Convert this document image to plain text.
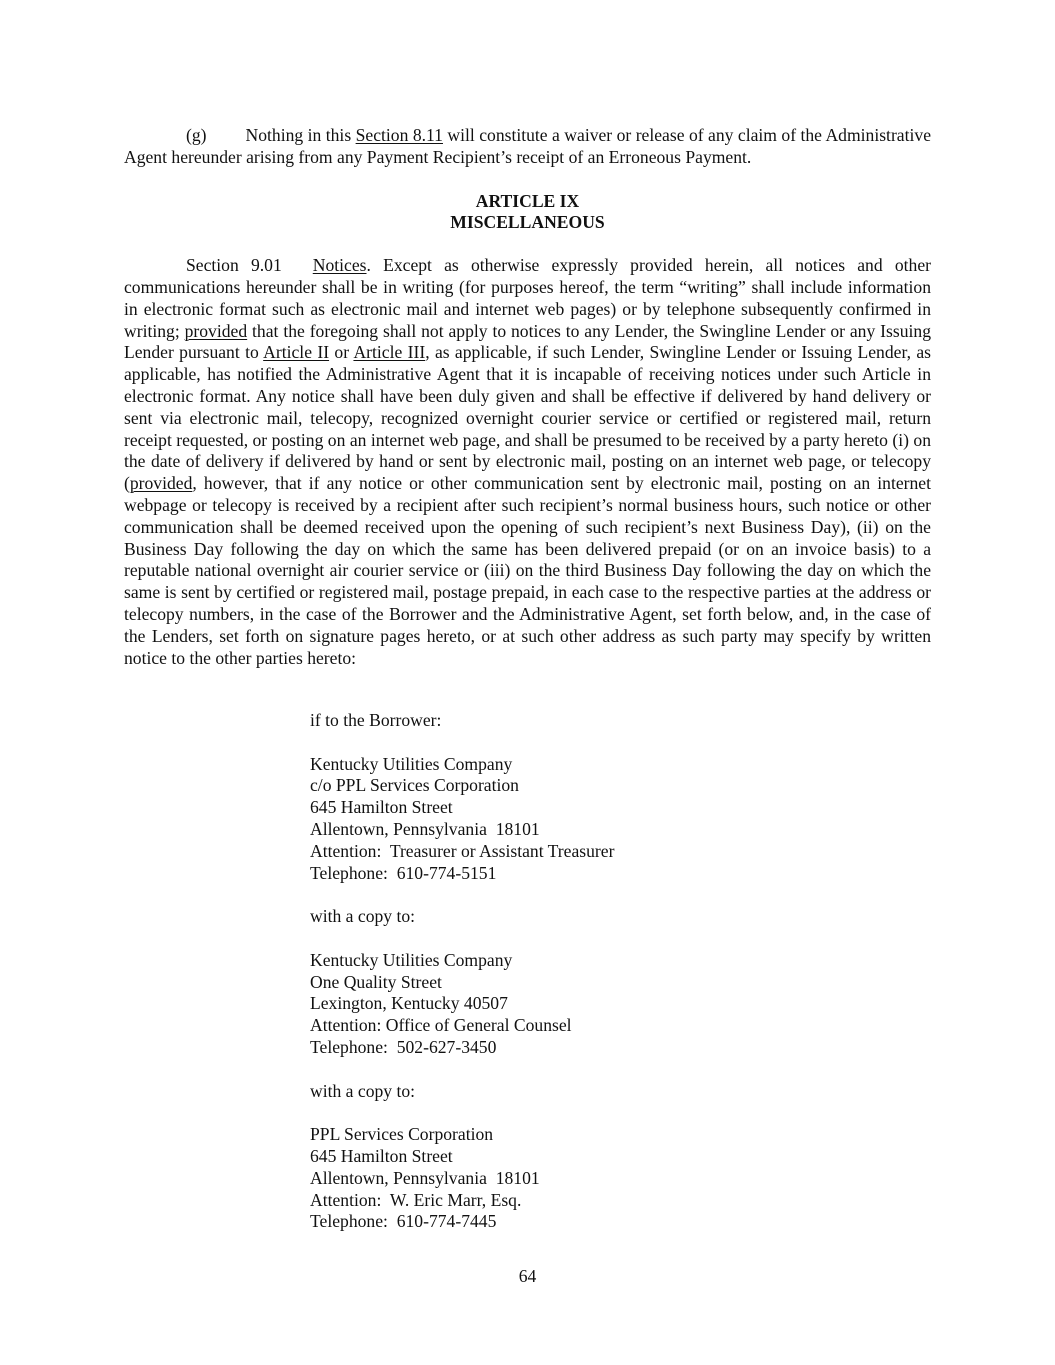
(g) Nothing in this Section 8.11 will constitute a waiver or release of any claim of the Administrative Agent hereunder arising from any Payment Recipient’s receipt of an Erroneous Payment.

ARTICLE IX
MISCELLANEOUS

Section 9.01 Notices. Except as otherwise expressly provided herein, all notices and other communications hereunder shall be in writing (for purposes hereof, the term “writing” shall include information in electronic format such as electronic mail and internet web pages) or by telephone subsequently confirmed in writing; provided that the foregoing shall not apply to notices to any Lender, the Swingline Lender or any Issuing Lender pursuant to Article II or Article III, as applicable, if such Lender, Swingline Lender or Issuing Lender, as applicable, has notified the Administrative Agent that it is incapable of receiving notices under such Article in electronic format. Any notice shall have been duly given and shall be effective if delivered by hand delivery or sent via electronic mail, telecopy, recognized overnight courier service or certified or registered mail, return receipt requested, or posting on an internet web page, and shall be presumed to be received by a party hereto (i) on the date of delivery if delivered by hand or sent by electronic mail, posting on an internet web page, or telecopy (provided, however, that if any notice or other communication sent by electronic mail, posting on an internet webpage or telecopy is received by a recipient after such recipient’s normal business hours, such notice or other communication shall be deemed received upon the opening of such recipient’s next Business Day), (ii) on the Business Day following the day on which the same has been delivered prepaid (or on an invoice basis) to a reputable national overnight air courier service or (iii) on the third Business Day following the day on which the same is sent by certified or registered mail, postage prepaid, in each case to the respective parties at the address or telecopy numbers, in the case of the Borrower and the Administrative Agent, set forth below, and, in the case of the Lenders, set forth on signature pages hereto, or at such other address as such party may specify by written notice to the other parties hereto:

if to the Borrower:
Kentucky Utilities Company
c/o PPL Services Corporation
645 Hamilton Street
Allentown, Pennsylvania  18101
Attention:  Treasurer or Assistant Treasurer
Telephone:  610-774-5151
with a copy to:
Kentucky Utilities Company
One Quality Street
Lexington, Kentucky 40507
Attention: Office of General Counsel
Telephone:  502-627-3450
with a copy to:
PPL Services Corporation
645 Hamilton Street
Allentown, Pennsylvania  18101
Attention:  W. Eric Marr, Esq.
Telephone:  610-774-7445
64
